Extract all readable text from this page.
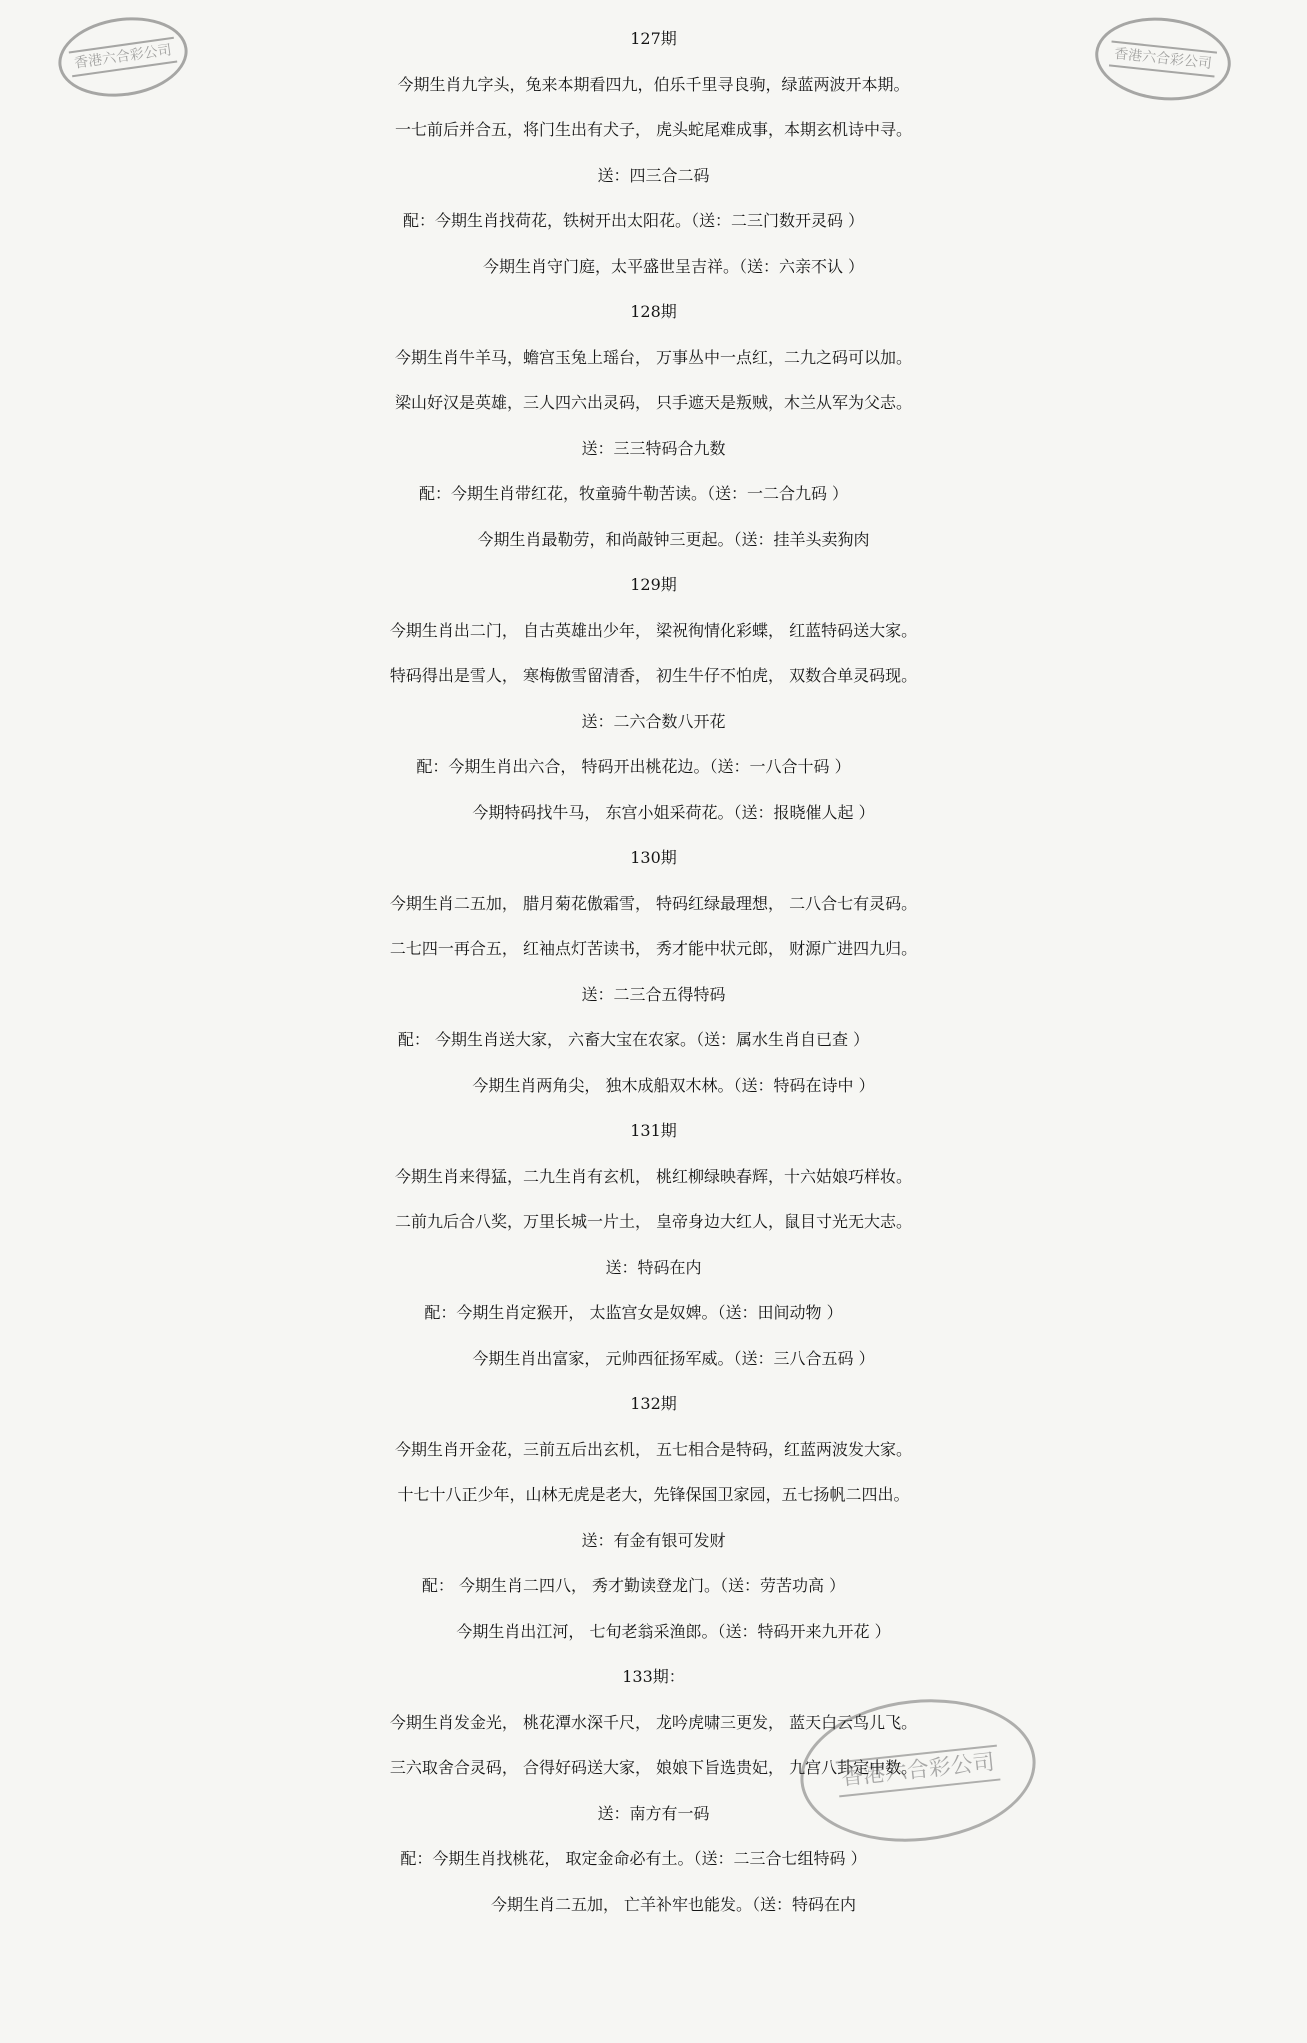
香港六合彩公司	香港六合彩公司
香港六合彩公司
127期
今期生肖九字头，兔来本期看四九，伯乐千里寻良驹，绿蓝两波开本期。
一七前后并合五，将门生出有犬子， 虎头蛇尾难成事，本期玄机诗中寻。
送：四三合二码
配：今期生肖找荷花，铁树开出太阳花。（送：二三门数开灵码 ）
今期生肖守门庭，太平盛世呈吉祥。（送：六亲不认 ）
128期
今期生肖牛羊马，蟾宫玉兔上瑶台， 万事丛中一点红，二九之码可以加。
梁山好汉是英雄，三人四六出灵码， 只手遮天是叛贼，木兰从军为父志。
送：三三特码合九数
配：今期生肖带红花，牧童骑牛勒苦读。（送：一二合九码 ）
今期生肖最勒劳，和尚敲钟三更起。（送：挂羊头卖狗肉
129期
今期生肖出二门， 自古英雄出少年， 梁祝徇情化彩蝶， 红蓝特码送大家。
特码得出是雪人， 寒梅傲雪留清香， 初生牛仔不怕虎， 双数合单灵码现。
送：二六合数八开花
配：今期生肖出六合， 特码开出桃花边。（送：一八合十码 ）
今期特码找牛马， 东宫小姐采荷花。（送：报晓催人起 ）
130期
今期生肖二五加， 腊月菊花傲霜雪， 特码红绿最理想， 二八合七有灵码。
二七四一再合五， 红袖点灯苦读书， 秀才能中状元郎， 财源广进四九归。
送：二三合五得特码
配： 今期生肖送大家， 六畜大宝在农家。（送：属水生肖自已查 ）
今期生肖两角尖， 独木成船双木林。（送：特码在诗中 ）
131期
今期生肖来得猛，二九生肖有玄机， 桃红柳绿映春辉，十六姑娘巧样妆。
二前九后合八奖，万里长城一片土， 皇帝身边大红人，鼠目寸光无大志。
送：特码在内
配：今期生肖定猴开， 太监宫女是奴婢。（送：田间动物 ）
今期生肖出富家， 元帅西征扬军威。（送：三八合五码 ）
132期
今期生肖开金花，三前五后出玄机， 五七相合是特码，红蓝两波发大家。
十七十八正少年，山林无虎是老大，先锋保国卫家园，五七扬帆二四出。
送：有金有银可发财
配： 今期生肖二四八， 秀才勤读登龙门。（送：劳苦功高 ）
今期生肖出江河， 七旬老翁采渔郎。（送：特码开来九开花 ）
133期：
今期生肖发金光， 桃花潭水深千尺， 龙吟虎啸三更发， 蓝天白云鸟儿飞。
三六取舍合灵码， 合得好码送大家， 娘娘下旨选贵妃， 九宫八卦定中数。
送：南方有一码
配：今期生肖找桃花， 取定金命必有土。（送：二三合七组特码 ）
今期生肖二五加， 亡羊补牢也能发。（送：特码在内
